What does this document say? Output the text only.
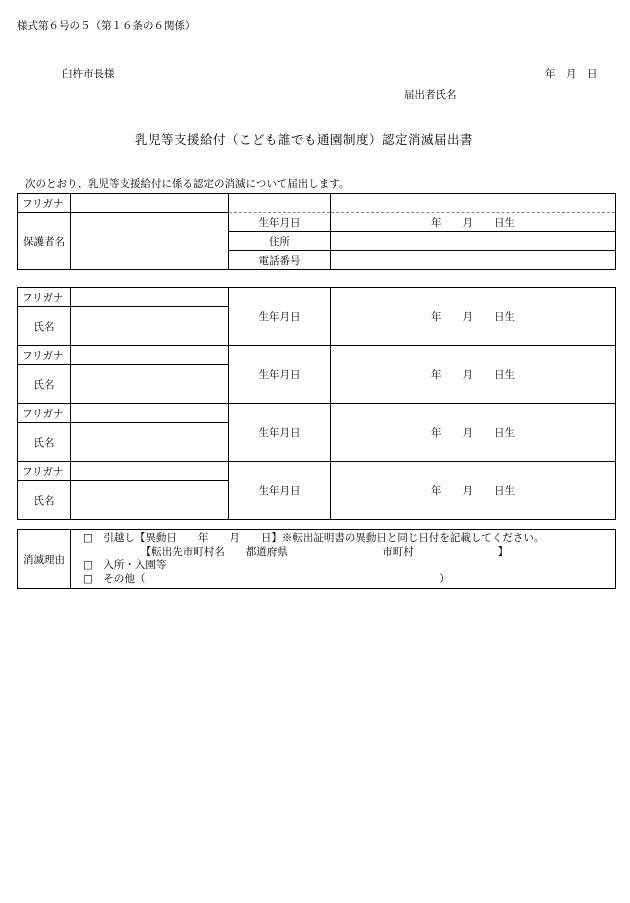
様式第６号の５（第１６条の６関係）
臼杵市長様	年　月　日
届出者氏名
乳児等支援給付（こども誰でも通園制度）認定消滅届出書
次のとおり、乳児等支援給付に係る認定の消滅について届出します。
フリガナ			
保護者名		生年月日	年　　月　　日生
		住所	
		電話番号	
フリガナ		生年月日	年　　月　　日生
氏名			
フリガナ		生年月日	年　　月　　日生
氏名			
フリガナ		生年月日	年　　月　　日生
氏名			
フリガナ		生年月日	年　　月　　日生
氏名			
消滅理由	
□　引越し【異動日　　年　　月　　日】※転出証明書の異動日と同じ日付を記載してください。
　　　　　　【転出先市町村名　　都道府県　　　　　　　　　市町村　　　　　　　　】
□　入所・入園等
□　その他（　　　　　　　　　　　　　　　　　　　　　　　　　　　　）
